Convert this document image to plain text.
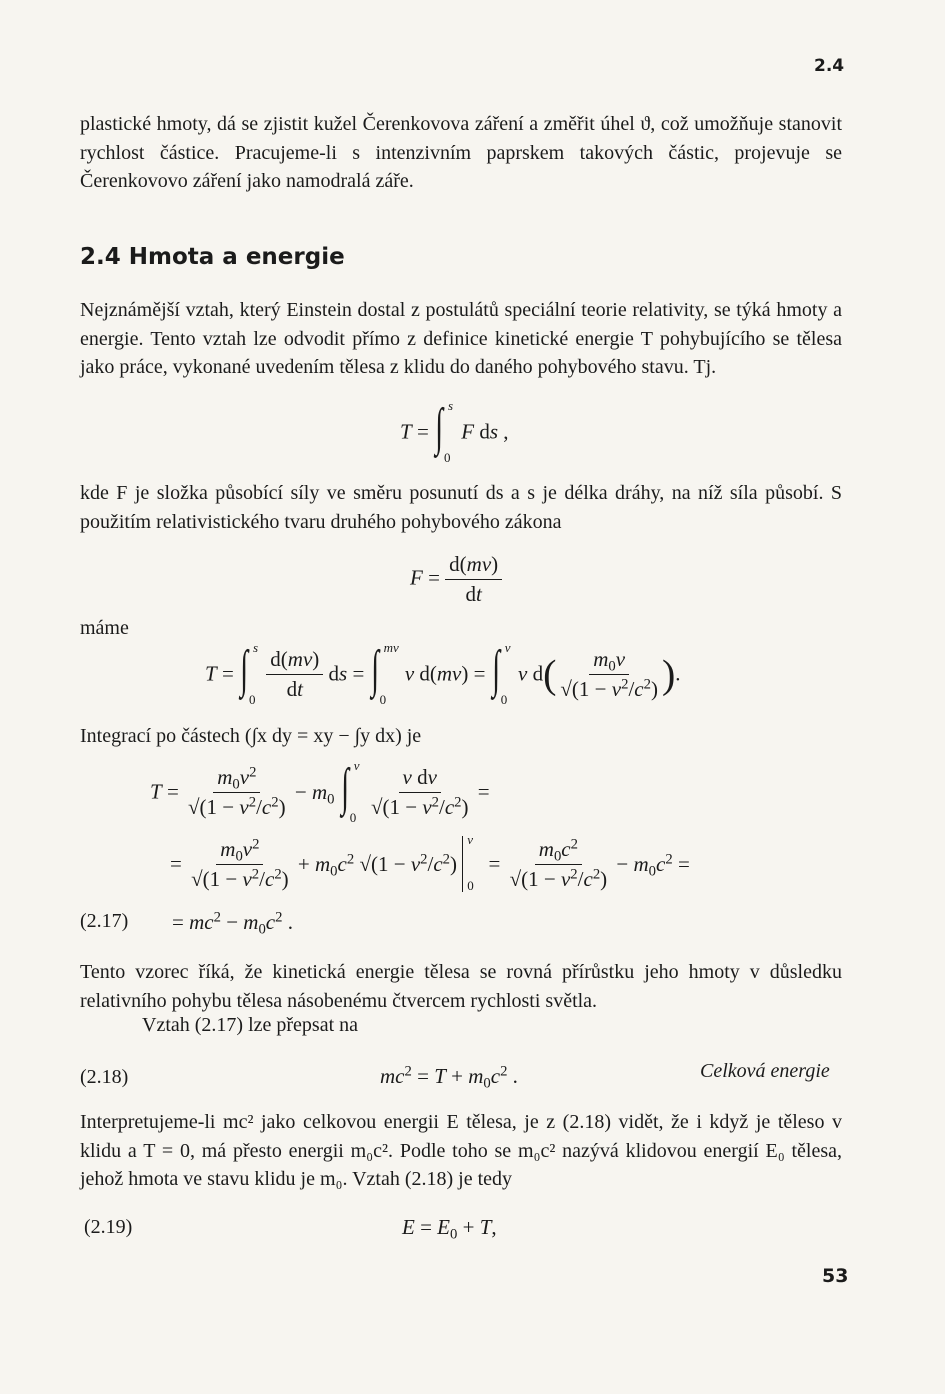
2.4
53
plastické hmoty, dá se zjistit kužel Čerenkovova záření a změřit úhel ϑ, což umožňuje stanovit rychlost částice. Pracujeme-li s intenzivním paprskem takových částic, projevuje se Čerenkovovo záření jako namodralá záře.
2.4 Hmota a energie
Nejznámější vztah, který Einstein dostal z postulátů speciální teorie relativity, se týká hmoty a energie. Tento vztah lze odvodit přímo z definice kinetické energie T pohybujícího se tělesa jako práce, vykonané uvedením tělesa z klidu do daného pohybového stavu. Tj.
T = ∫ s
0
F ds ,
kde F je složka působící síly ve směru posunutí ds a s je délka dráhy, na níž síla působí. S použitím relativistického tvaru druhého pohybového zákona
$F = \frac{d(mv)}{dt}$
máme
T = ∫ s
0
$\frac{d(mv)}{dt}$ ds = ∫ mv
0
v d(mv) = ∫ v
0
v $d( \frac{m_0v}{√(1 - v^2/c^2)}$ ).
Integrací po částech (∫x dy = xy − ∫y dx) je
$T = \frac{m_0v^2}{√(1 - v^2/c^2)} - m_0$ ∫ v
0
$\frac{\text{v dv}}{√(1 - v^2/c^2)}$ =
= $\frac{m_0v^2}{√(1 - v^2/c^2)} + m_0c^2$ $√(1 - v^2/c^2)$
v
0
= $\frac{m_0c^2}{√(1 - v^2/c^2)} - m_0c^2$ =
$(2.17) = mc^2 - m_0c^2$ .
Tento vzorec říká, že kinetická energie tělesa se rovná přírůstku jeho hmoty v důsledku relativního pohybu tělesa násobenému čtvercem rychlosti světla.
Vztah (2.17) lze přepsat na
(2.18)	$mc^2 = T + m_0c^2$ .	Celková energie
Interpretujeme-li mc² jako celkovou energii E tělesa, je z (2.18) vidět, že i když je těleso v klidu a T = 0, má přesto energii m₀c². Podle toho se m₀c² nazývá klidovou energií E₀ tělesa, jehož hmota ve stavu klidu je m₀. Vztah (2.18) je tedy
(2.19)	$E = E_0 + T$,
